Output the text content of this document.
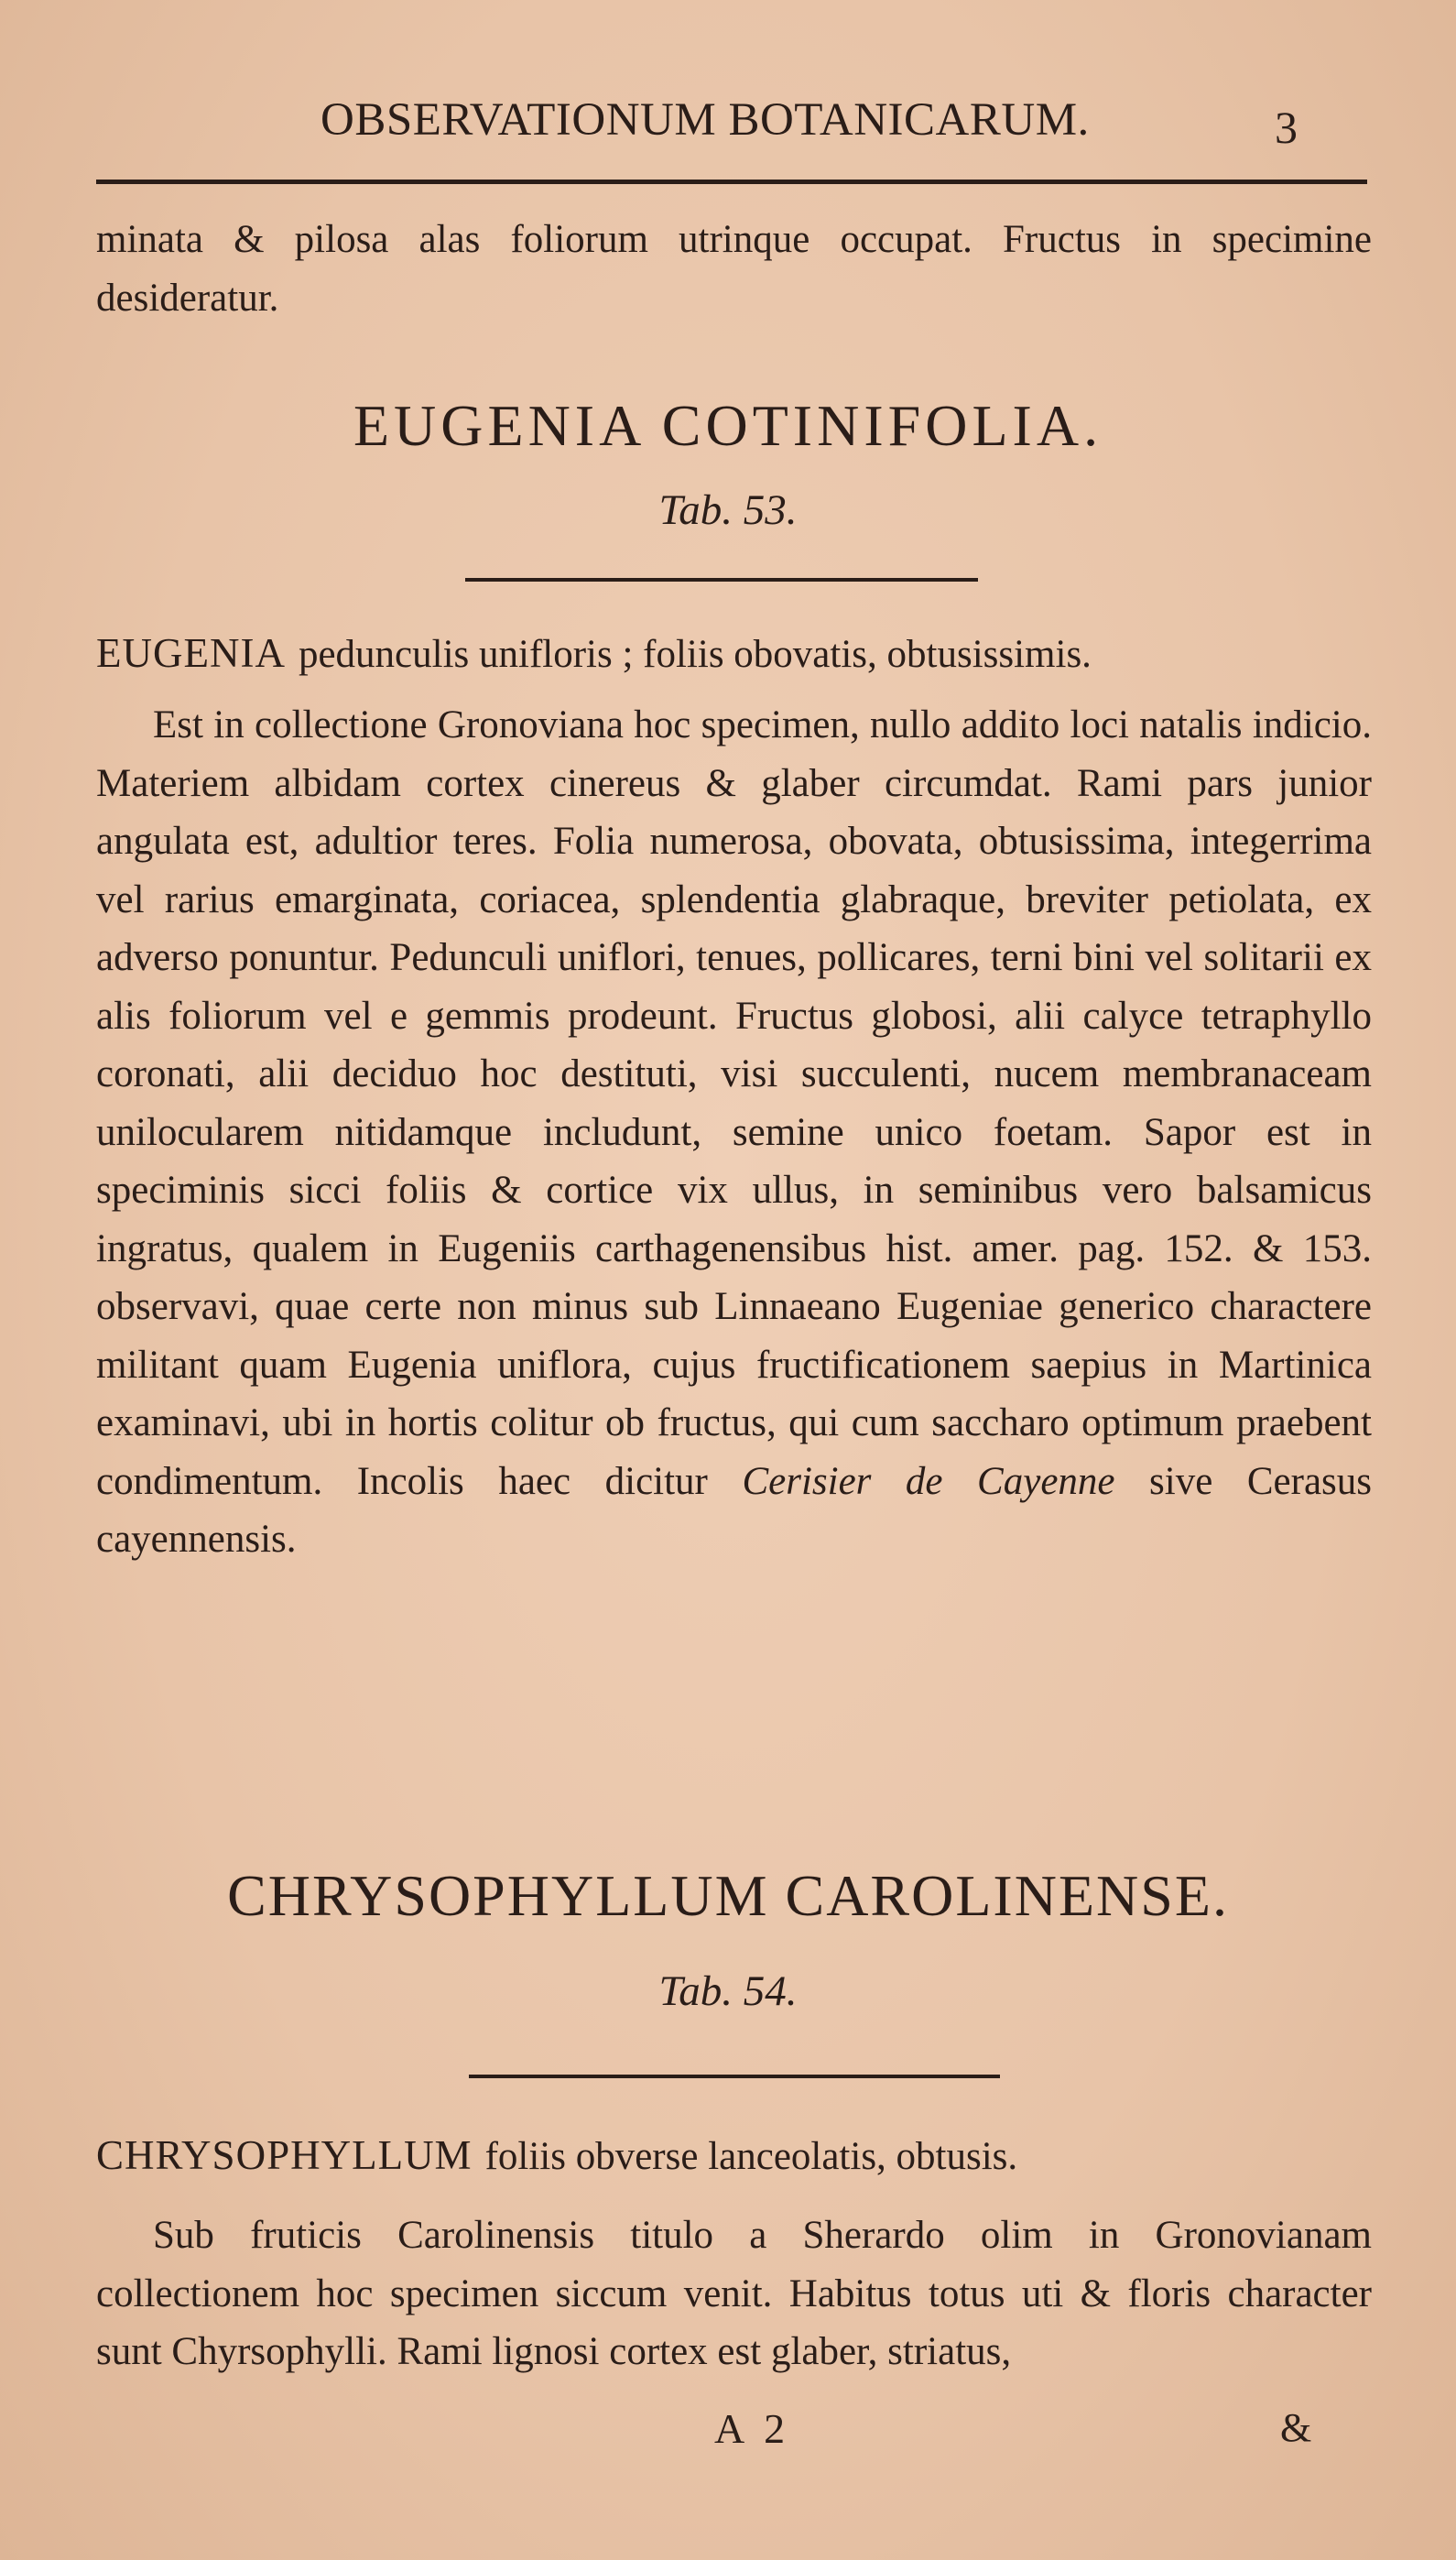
OBSERVATIONUM BOTANICARUM.	3

minata & pilosa alas foliorum utrinque occupat. Fructus in specimine desideratur.

EUGENIA COTINIFOLIA.
Tab. 53.

EUGENIA pedunculis unifloris ; foliis obovatis, obtusissimis.

Est in collectione Gronoviana hoc specimen, nullo addito loci natalis indicio. Materiem albidam cortex cinereus & glaber circumdat. Rami pars junior angulata est, adultior teres. Folia numerosa, obovata, obtusissima, integerrima vel rarius emarginata, coriacea, splendentia glabraque, breviter petiolata, ex adverso ponuntur. Pedunculi uniflori, tenues, pollicares, terni bini vel solitarii ex alis foliorum vel e gemmis prodeunt. Fructus globosi, alii calyce tetraphyllo coronati, alii deciduo hoc destituti, visi succulenti, nucem membranaceam unilocularem nitidamque includunt, semine unico foetam. Sapor est in speciminis sicci foliis & cortice vix ullus, in seminibus vero balsamicus ingratus, qualem in Eugeniis carthagenensibus hist. amer. pag. 152. & 153. observavi, quae certe non minus sub Linnaeano Eugeniae generico charactere militant quam Eugenia uniflora, cujus fructificationem saepius in Martinica examinavi, ubi in hortis colitur ob fructus, qui cum saccharo optimum praebent condimentum. Incolis haec dicitur Cerisier de Cayenne sive Cerasus cayennensis.

CHRYSOPHYLLUM CAROLINENSE.
Tab. 54.

CHRYSOPHYLLUM foliis obverse lanceolatis, obtusis.

Sub fruticis Carolinensis titulo a Sherardo olim in Gronovianam collectionem hoc specimen siccum venit. Habitus totus uti & floris character sunt Chyrsophylli. Rami lignosi cortex est glaber, striatus,

A 2	&
